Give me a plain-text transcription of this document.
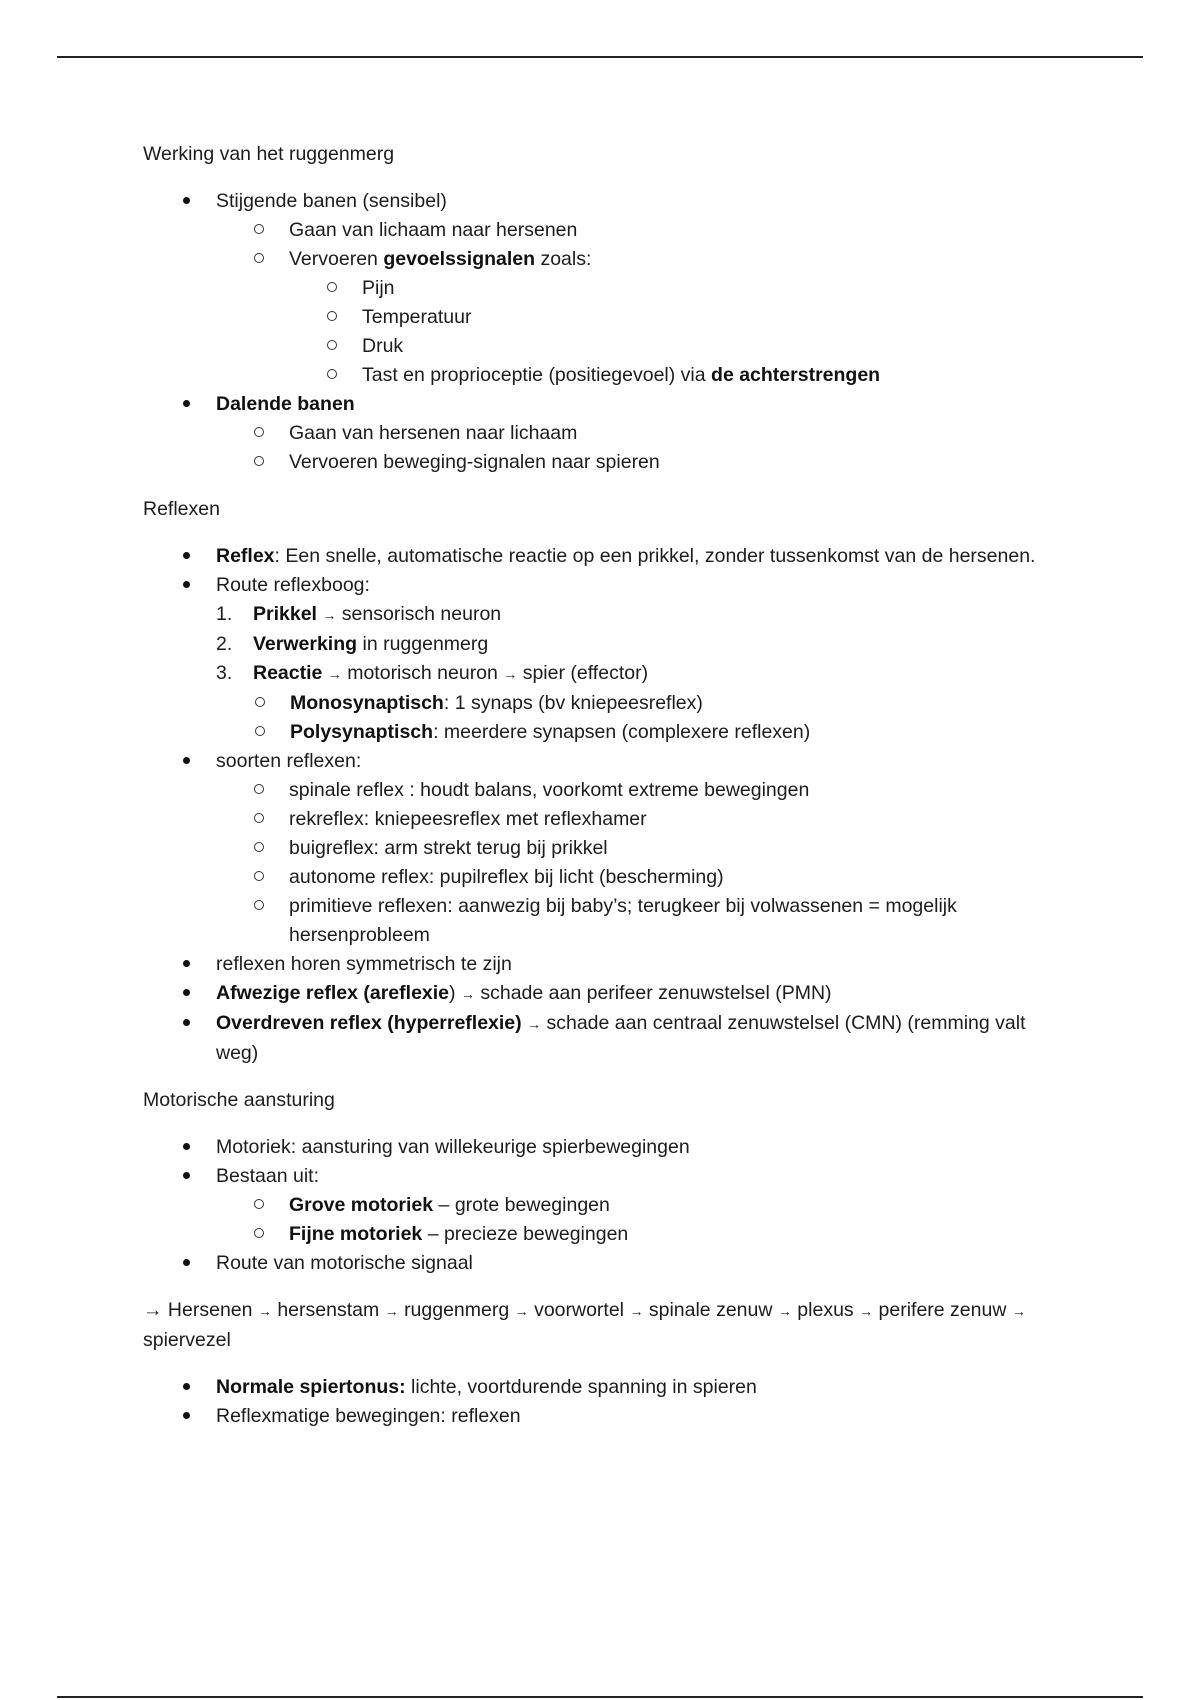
Werking van het ruggenmerg

Stijgende banen (sensibel)
Gaan van lichaam naar hersenen
Vervoeren gevoelssignalen zoals:
Pijn
Temperatuur
Druk
Tast en proprioceptie (positiegevoel) via de achterstrengen
Dalende banen
Gaan van hersenen naar lichaam
Vervoeren beweging-signalen naar spieren

Reflexen

Reflex: Een snelle, automatische reactie op een prikkel, zonder tussenkomst van de hersenen.
Route reflexboog:
1. Prikkel → sensorisch neuron
2. Verwerking in ruggenmerg
3. Reactie → motorisch neuron → spier (effector)
Monosynaptisch: 1 synaps (bv kniepeesreflex)
Polysynaptisch: meerdere synapsen (complexere reflexen)
soorten reflexen:
spinale reflex : houdt balans, voorkomt extreme bewegingen
rekreflex: kniepeesreflex met reflexhamer
buigreflex: arm strekt terug bij prikkel
autonome reflex: pupilreflex bij licht (bescherming)
primitieve reflexen: aanwezig bij baby’s; terugkeer bij volwassenen = mogelijk hersenprobleem
reflexen horen symmetrisch te zijn
Afwezige reflex (areflexie) → schade aan perifeer zenuwstelsel (PMN)
Overdreven reflex (hyperreflexie) → schade aan centraal zenuwstelsel (CMN) (remming valt weg)

Motorische aansturing

Motoriek: aansturing van willekeurige spierbewegingen
Bestaan uit:
Grove motoriek – grote bewegingen
Fijne motoriek – precieze bewegingen
Route van motorische signaal

→ Hersenen → hersenstam → ruggenmerg → voorwortel → spinale zenuw → plexus → perifere zenuw → spiervezel

Normale spiertonus: lichte, voortdurende spanning in spieren
Reflexmatige bewegingen: reflexen
